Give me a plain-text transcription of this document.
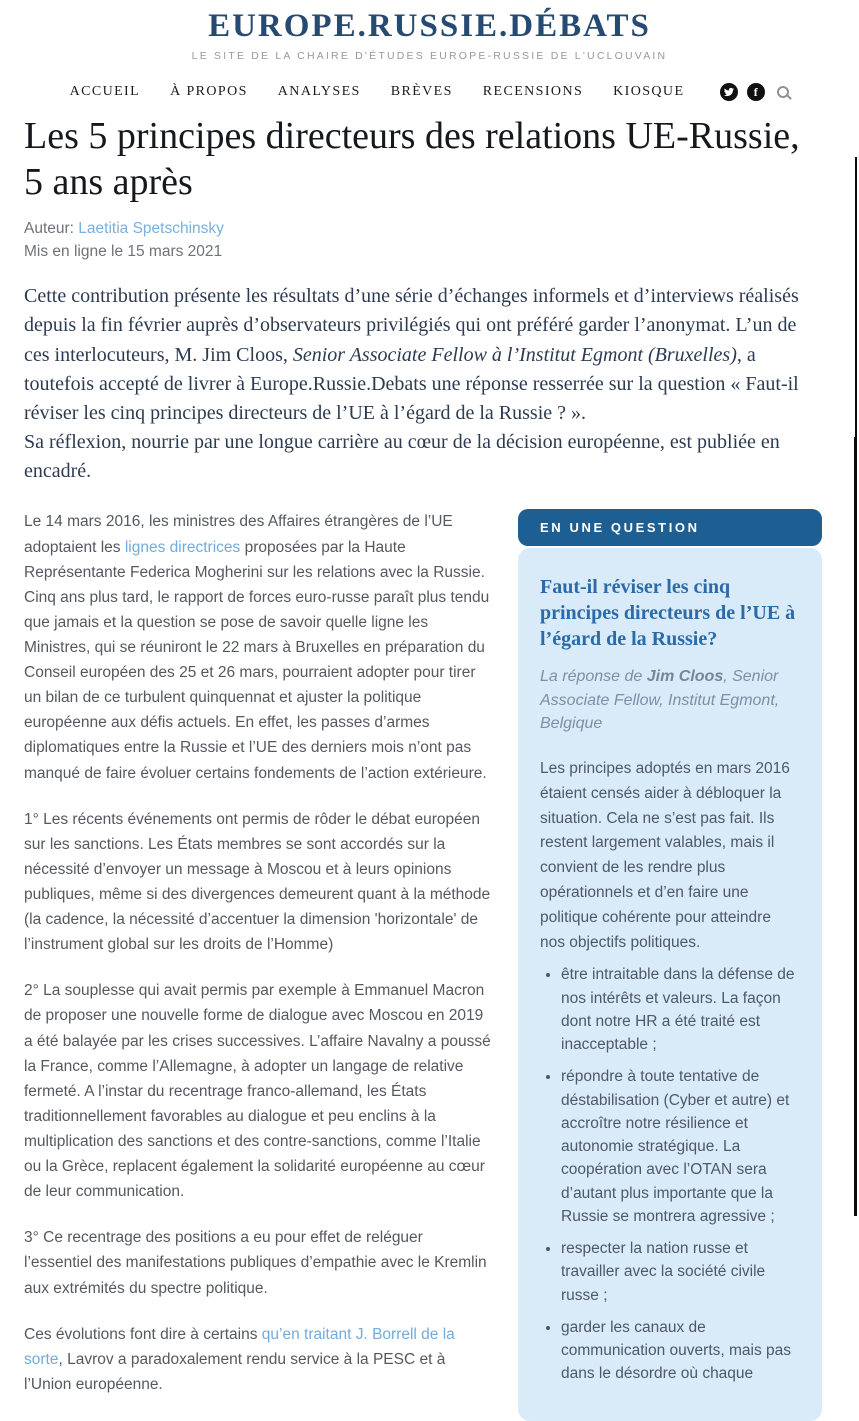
EUROPE.RUSSIE.DÉBATS
LE SITE DE LA CHAIRE D'ÉTUDES EUROPE-RUSSIE DE L'UCLOUVAIN
ACCUEIL À PROPOS ANALYSES BRÈVES RECENSIONS KIOSQUE	f
Les 5 principes directeurs des relations UE-Russie, 5 ans après

Auteur: Laetitia Spetschinsky

Mis en ligne le 15 mars 2021

Cette contribution présente les résultats d’une série d’échanges informels et d’interviews réalisés depuis la fin février auprès d’observateurs privilégiés qui ont préféré garder l’anonymat. L’un de ces interlocuteurs, M. Jim Cloos, Senior Associate Fellow à l’Institut Egmont (Bruxelles), a toutefois accepté de livrer à Europe.Russie.Debats une réponse resserrée sur la question « Faut-il réviser les cinq principes directeurs de l’UE à l’égard de la Russie ? ».
Sa réflexion, nourrie par une longue carrière au cœur de la décision européenne, est publiée en encadré.

Le 14 mars 2016, les ministres des Affaires étrangères de l’UE adoptaient les lignes directrices proposées par la Haute Représentante Federica Mogherini sur les relations avec la Russie. Cinq ans plus tard, le rapport de forces euro-russe paraît plus tendu que jamais et la question se pose de savoir quelle ligne les Ministres, qui se réuniront le 22 mars à Bruxelles en préparation du Conseil européen des 25 et 26 mars, pourraient adopter pour tirer un bilan de ce turbulent quinquennat et ajuster la politique européenne aux défis actuels. En effet, les passes d’armes diplomatiques entre la Russie et l’UE des derniers mois n’ont pas manqué de faire évoluer certains fondements de l’action extérieure.

1° Les récents événements ont permis de rôder le débat européen sur les sanctions. Les États membres se sont accordés sur la nécessité d’envoyer un message à Moscou et à leurs opinions publiques, même si des divergences demeurent quant à la méthode (la cadence, la nécessité d’accentuer la dimension 'horizontale' de l’instrument global sur les droits de l’Homme)

2° La souplesse qui avait permis par exemple à Emmanuel Macron de proposer une nouvelle forme de dialogue avec Moscou en 2019 a été balayée par les crises successives. L’affaire Navalny a poussé la France, comme l’Allemagne, à adopter un langage de relative fermeté. A l’instar du recentrage franco-allemand, les États traditionnellement favorables au dialogue et peu enclins à la multiplication des sanctions et des contre-sanctions, comme l’Italie ou la Grèce, replacent également la solidarité européenne au cœur de leur communication.

3° Ce recentrage des positions a eu pour effet de reléguer l’essentiel des manifestations publiques d’empathie avec le Kremlin aux extrémités du spectre politique.

Ces évolutions font dire à certains qu’en traitant J. Borrell de la sorte, Lavrov a paradoxalement rendu service à la PESC et à l’Union européenne.

EN UNE QUESTION
Faut-il réviser les cinq principes directeurs de l’UE à l’égard de la Russie?

La réponse de Jim Cloos, Senior Associate Fellow, Institut Egmont, Belgique

Les principes adoptés en mars 2016 étaient censés aider à débloquer la situation. Cela ne s’est pas fait. Ils restent largement valables, mais il convient de les rendre plus opérationnels et d’en faire une politique cohérente pour atteindre nos objectifs politiques.

• être intraitable dans la défense de nos intérêts et valeurs. La façon dont notre HR a été traité est inacceptable ;
• répondre à toute tentative de déstabilisation (Cyber et autre) et accroître notre résilience et autonomie stratégique. La coopération avec l’OTAN sera d’autant plus importante que la Russie se montrera agressive ;
• respecter la nation russe et travailler avec la société civile russe ;
• garder les canaux de communication ouverts, mais pas dans le désordre où chaque
